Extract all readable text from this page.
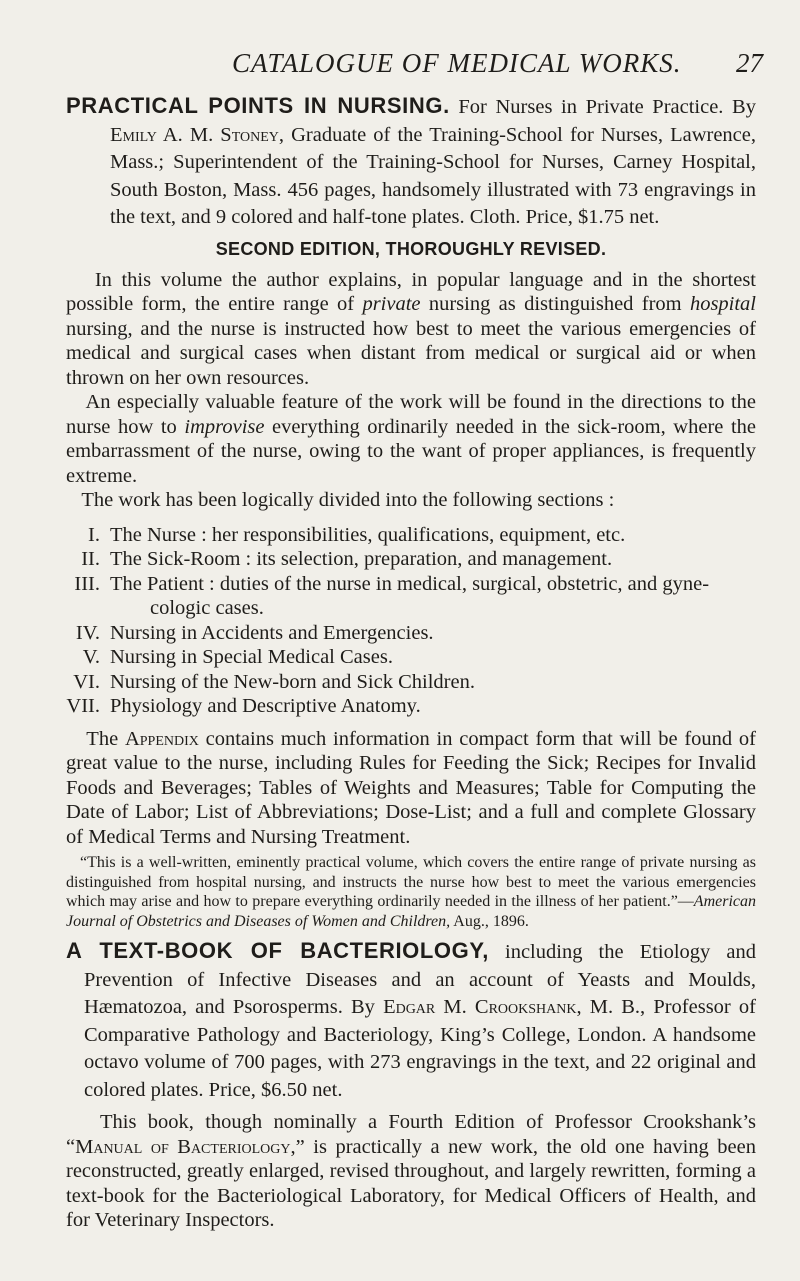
CATALOGUE OF MEDICAL WORKS. 27

PRACTICAL POINTS IN NURSING. For Nurses in Private Practice. By Emily A. M. Stoney, Graduate of the Training-School for Nurses, Lawrence, Mass.; Superintendent of the Training-School for Nurses, Carney Hospital, South Boston, Mass. 456 pages, handsomely illustrated with 73 engravings in the text, and 9 colored and half-tone plates. Cloth. Price, $1.75 net.

SECOND EDITION, THOROUGHLY REVISED.

In this volume the author explains, in popular language and in the shortest possible form, the entire range of private nursing as distinguished from hospital nursing, and the nurse is instructed how best to meet the various emergencies of medical and surgical cases when distant from medical or surgical aid or when thrown on her own resources.

An especially valuable feature of the work will be found in the directions to the nurse how to improvise everything ordinarily needed in the sick-room, where the embarrassment of the nurse, owing to the want of proper appliances, is frequently extreme.

The work has been logically divided into the following sections :

I. The Nurse : her responsibilities, qualifications, equipment, etc.
II. The Sick-Room : its selection, preparation, and management.
III. The Patient : duties of the nurse in medical, surgical, obstetric, and gyne-
cologic cases.
IV. Nursing in Accidents and Emergencies.
V. Nursing in Special Medical Cases.
VI. Nursing of the New-born and Sick Children.
VII. Physiology and Descriptive Anatomy.

The Appendix contains much information in compact form that will be found of great value to the nurse, including Rules for Feeding the Sick; Recipes for Invalid Foods and Beverages; Tables of Weights and Measures; Table for Computing the Date of Labor; List of Abbreviations; Dose-List; and a full and complete Glossary of Medical Terms and Nursing Treatment.

“This is a well-written, eminently practical volume, which covers the entire range of private nursing as distinguished from hospital nursing, and instructs the nurse how best to meet the various emergencies which may arise and how to prepare everything ordinarily needed in the illness of her patient.”—American Journal of Obstetrics and Diseases of Women and Children, Aug., 1896.

A TEXT-BOOK OF BACTERIOLOGY, including the Etiology and Prevention of Infective Diseases and an account of Yeasts and Moulds, Hæmatozoa, and Psorosperms. By Edgar M. Crookshank, M. B., Professor of Comparative Pathology and Bacteriology, King’s College, London. A handsome octavo volume of 700 pages, with 273 engravings in the text, and 22 original and colored plates. Price, $6.50 net.

This book, though nominally a Fourth Edition of Professor Crookshank’s “Manual of Bacteriology,” is practically a new work, the old one having been reconstructed, greatly enlarged, revised throughout, and largely rewritten, forming a text-book for the Bacteriological Laboratory, for Medical Officers of Health, and for Veterinary Inspectors.
